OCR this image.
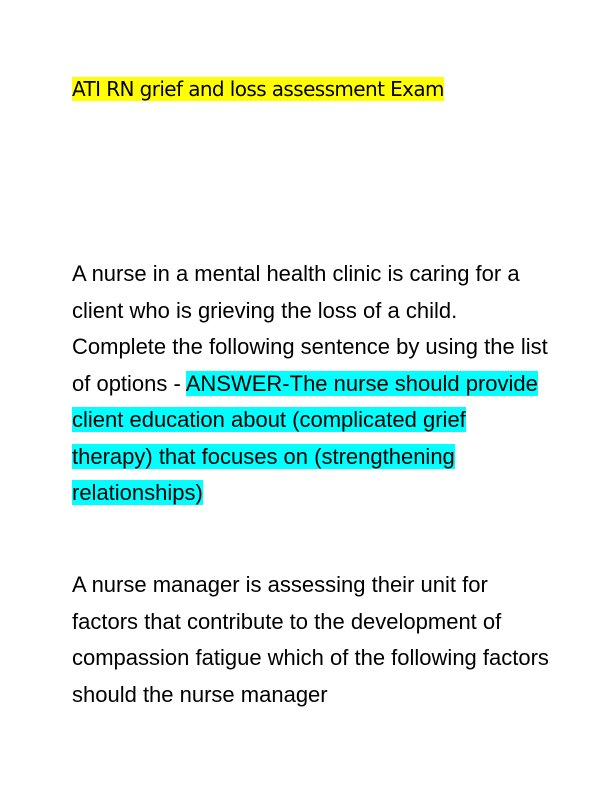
ATI RN grief and loss assessment Exam

A nurse in a mental health clinic is caring for a client who is grieving the loss of a child. Complete the following sentence by using the list of options - ANSWER-The nurse should provide client education about (complicated grief therapy) that focuses on (strengthening relationships)

A nurse manager is assessing their unit for factors that contribute to the development of compassion fatigue which of the following factors should the nurse manager
